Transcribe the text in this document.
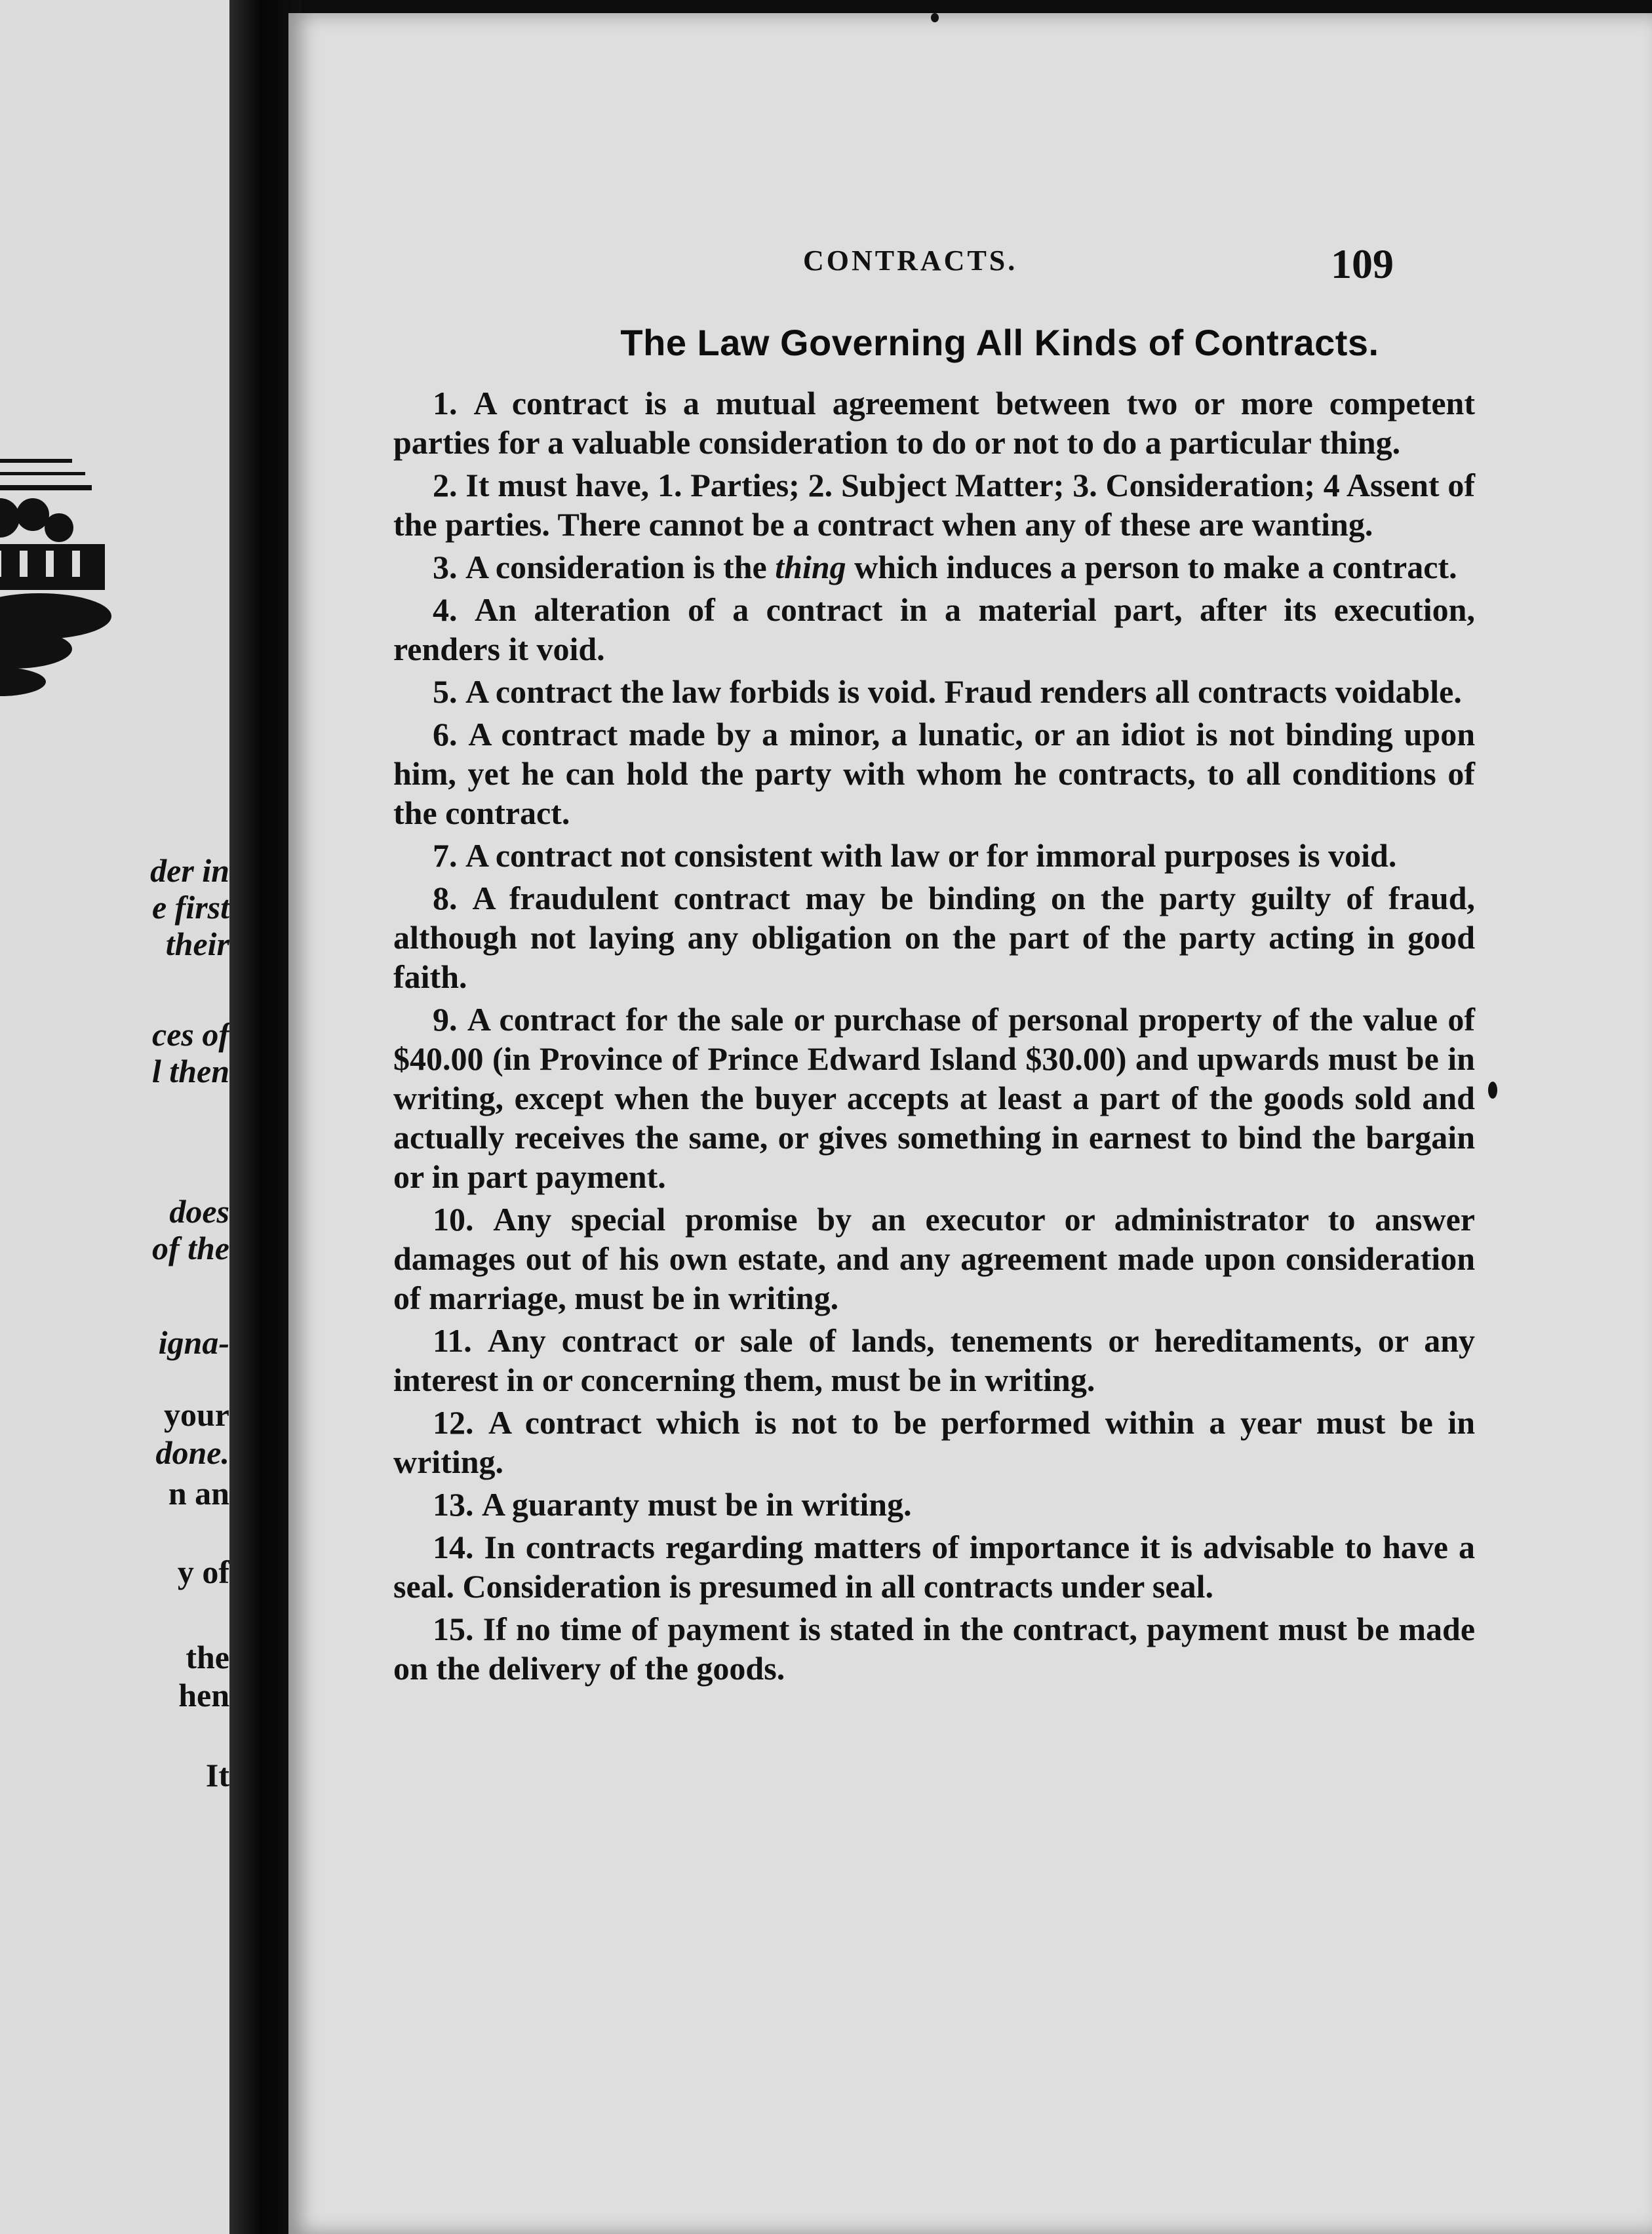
der in
e first
their
ces of
l then
does
of the
igna-
your
done.
n an
y of
the
hen
It
CONTRACTS.	109
The Law Governing All Kinds of Contracts.

1. A contract is a mutual agreement between two or more competent parties for a valuable consideration to do or not to do a particular thing.

2. It must have, 1. Parties; 2. Subject Matter; 3. Consideration; 4 Assent of the parties. There cannot be a contract when any of these are wanting.

3. A consideration is the thing which induces a person to make a contract.

4. An alteration of a contract in a material part, after its execution, renders it void.

5. A contract the law forbids is void. Fraud renders all contracts voidable.

6. A contract made by a minor, a lunatic, or an idiot is not binding upon him, yet he can hold the party with whom he contracts, to all conditions of the contract.

7. A contract not consistent with law or for immoral purposes is void.

8. A fraudulent contract may be binding on the party guilty of fraud, although not laying any obligation on the part of the party acting in good faith.

9. A contract for the sale or purchase of personal property of the value of $40.00 (in Province of Prince Edward Island $30.00) and upwards must be in writing, except when the buyer accepts at least a part of the goods sold and actually receives the same, or gives something in earnest to bind the bargain or in part payment.

10. Any special promise by an executor or administrator to answer damages out of his own estate, and any agreement made upon consideration of marriage, must be in writing.

11. Any contract or sale of lands, tenements or hereditaments, or any interest in or concerning them, must be in writing.

12. A contract which is not to be performed within a year must be in writing.

13. A guaranty must be in writing.

14. In contracts regarding matters of importance it is advisable to have a seal. Consideration is presumed in all contracts under seal.

15. If no time of payment is stated in the contract, payment must be made on the delivery of the goods.
